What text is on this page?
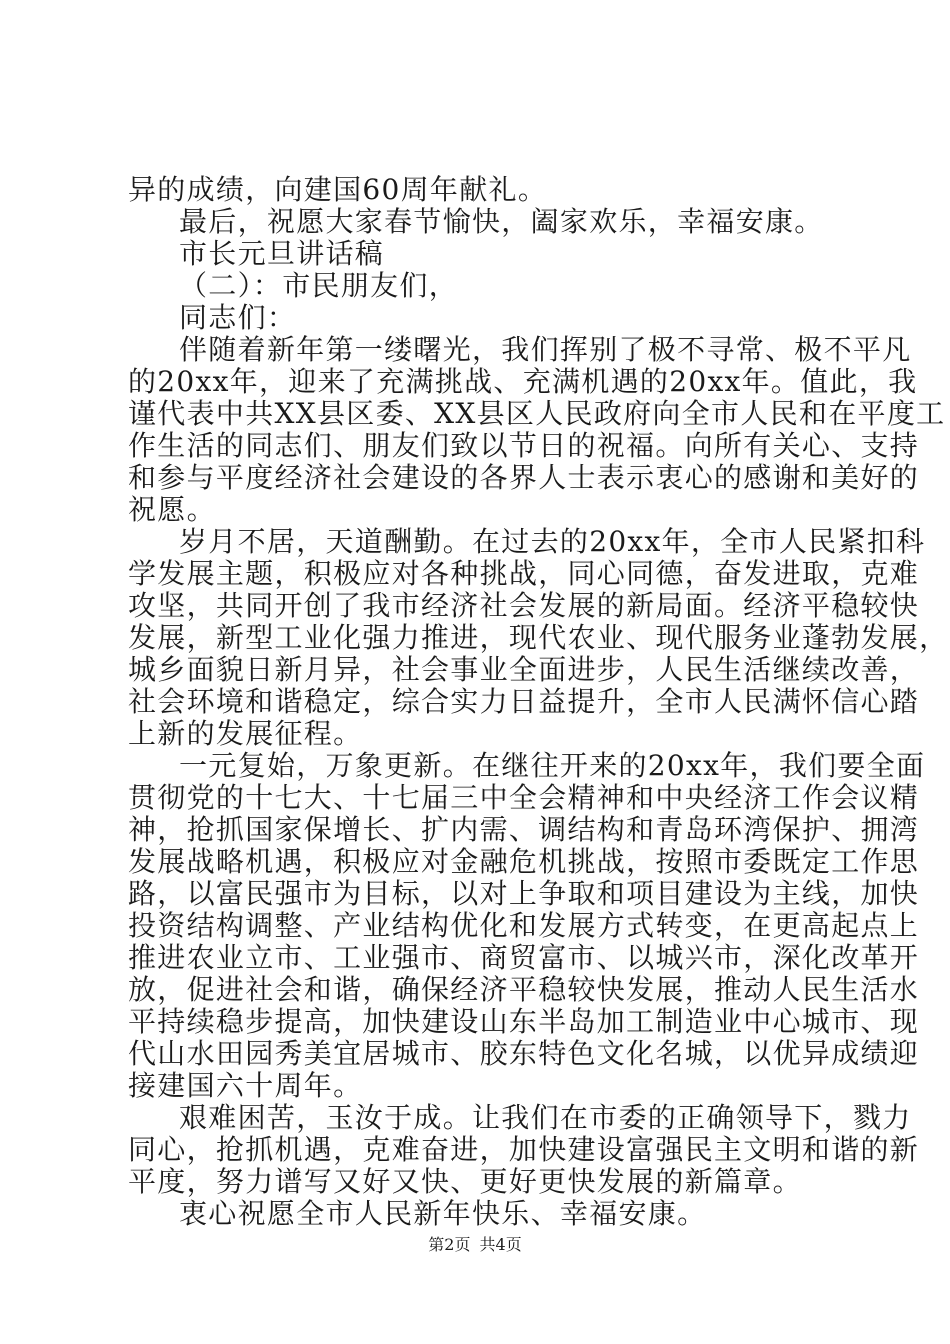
异的成绩，向建国60周年献礼。
最后，祝愿大家春节愉快，阖家欢乐，幸福安康。
市长元旦讲话稿
（二）：市民朋友们，
同志们：
伴随着新年第一缕曙光，我们挥别了极不寻常、极不平凡
的20xx年，迎来了充满挑战、充满机遇的20xx年。值此，我
谨代表中共XX县区委、XX县区人民政府向全市人民和在平度工
作生活的同志们、朋友们致以节日的祝福。向所有关心、支持
和参与平度经济社会建设的各界人士表示衷心的感谢和美好的
祝愿。
岁月不居，天道酬勤。在过去的20xx年，全市人民紧扣科
学发展主题，积极应对各种挑战，同心同德，奋发进取，克难
攻坚，共同开创了我市经济社会发展的新局面。经济平稳较快
发展，新型工业化强力推进，现代农业、现代服务业蓬勃发展，
城乡面貌日新月异，社会事业全面进步，人民生活继续改善，
社会环境和谐稳定，综合实力日益提升，全市人民满怀信心踏
上新的发展征程。
一元复始，万象更新。在继往开来的20xx年，我们要全面
贯彻党的十七大、十七届三中全会精神和中央经济工作会议精
神，抢抓国家保增长、扩内需、调结构和青岛环湾保护、拥湾
发展战略机遇，积极应对金融危机挑战，按照市委既定工作思
路，以富民强市为目标，以对上争取和项目建设为主线，加快
投资结构调整、产业结构优化和发展方式转变，在更高起点上
推进农业立市、工业强市、商贸富市、以城兴市，深化改革开
放，促进社会和谐，确保经济平稳较快发展，推动人民生活水
平持续稳步提高，加快建设山东半岛加工制造业中心城市、现
代山水田园秀美宜居城市、胶东特色文化名城，以优异成绩迎
接建国六十周年。
艰难困苦，玉汝于成。让我们在市委的正确领导下，戮力
同心，抢抓机遇，克难奋进，加快建设富强民主文明和谐的新
平度，努力谱写又好又快、更好更快发展的新篇章。
衷心祝愿全市人民新年快乐、幸福安康。
第2页 共4页
